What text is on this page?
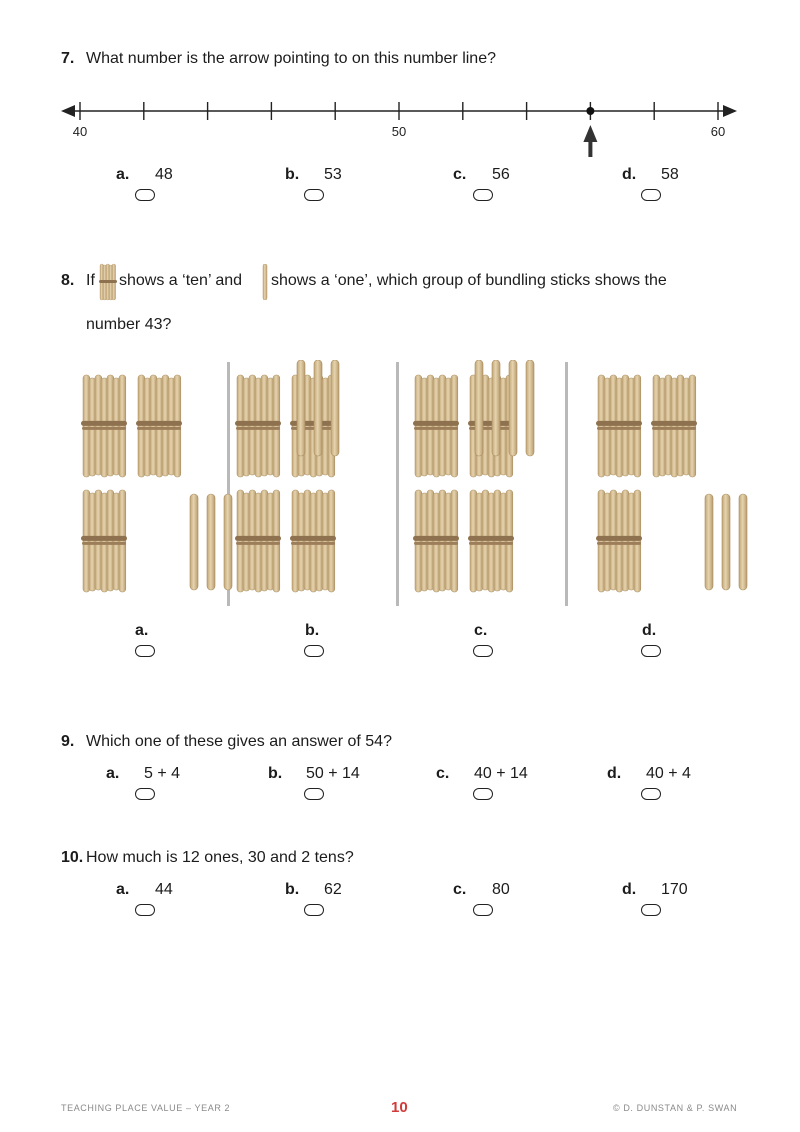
7. What number is the arrow pointing to on this number line?
40	50	60
a. 48	b. 53	c. 56	d. 58
8. If shows a ‘ten’ and shows a ‘one’, which group of bundling sticks shows the
number 43?
a.	b.	c.	d.
9. Which one of these gives an answer of 54?
a. 5 + 4	b. 50 + 14	c. 40 + 14	d. 40 + 4
10. How much is 12 ones, 30 and 2 tens?
a. 44	b. 62	c. 80	d. 170
TEACHING PLACE VALUE – YEAR 2	10	© D. DUNSTAN & P. SWAN
